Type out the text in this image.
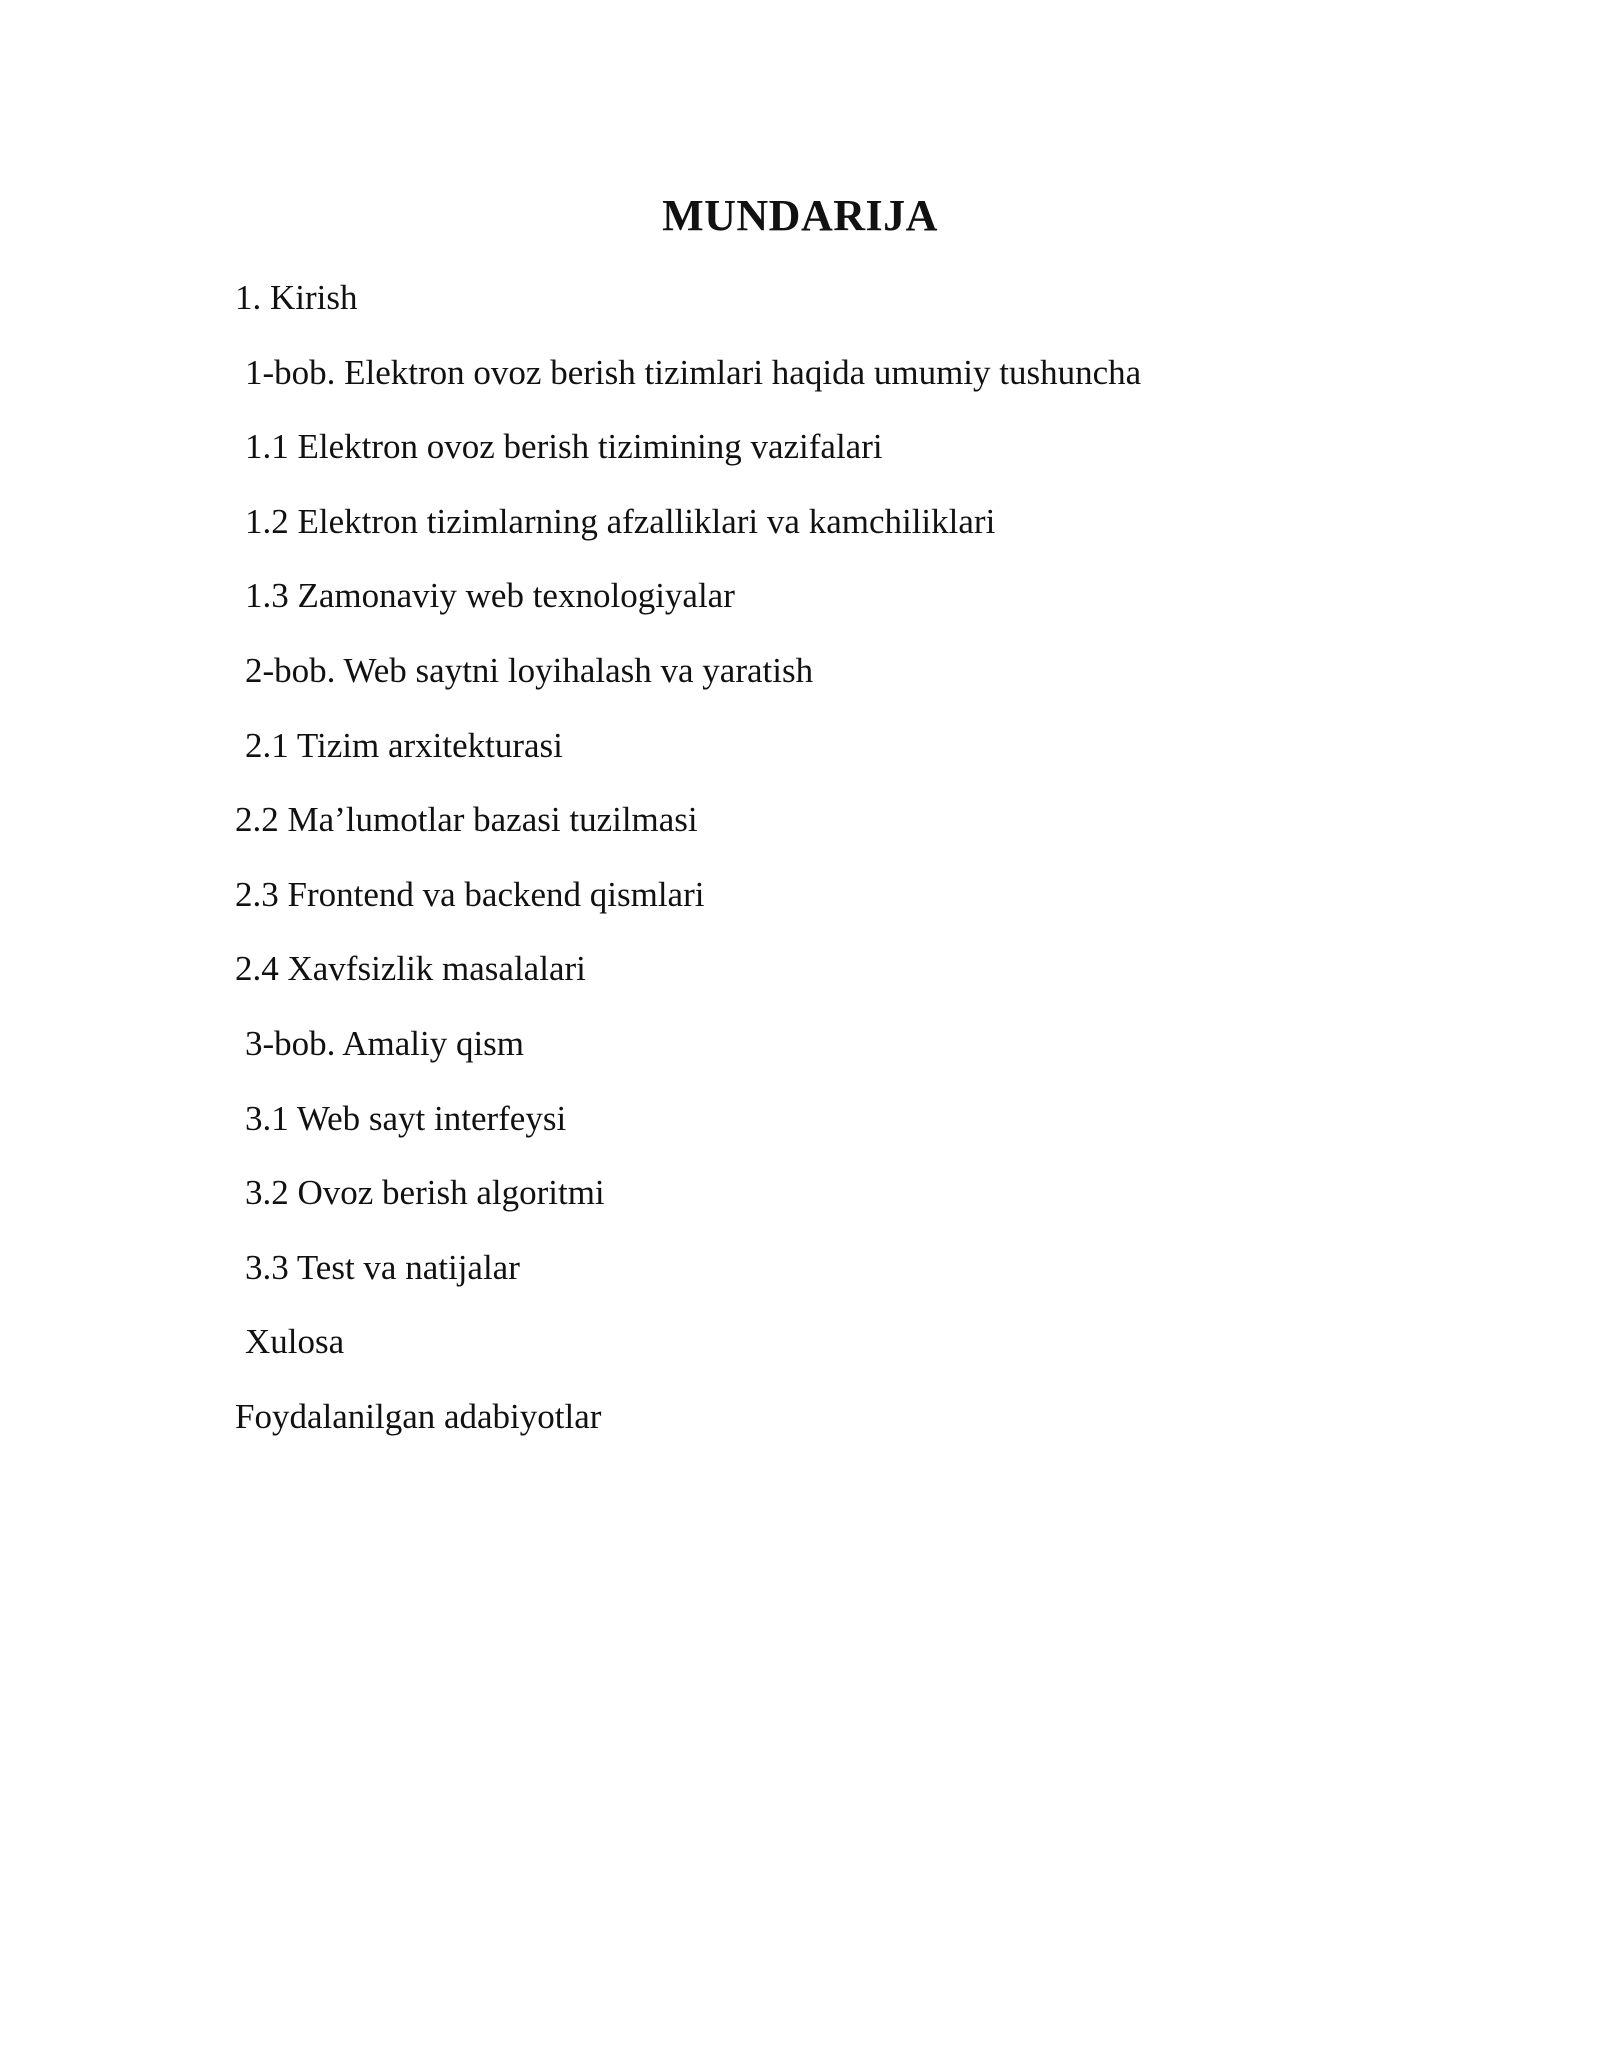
MUNDARIJA
1. Kirish
1-bob. Elektron ovoz berish tizimlari haqida umumiy tushuncha
1.1 Elektron ovoz berish tizimining vazifalari
1.2 Elektron tizimlarning afzalliklari va kamchiliklari
1.3 Zamonaviy web texnologiyalar
2-bob. Web saytni loyihalash va yaratish
2.1 Tizim arxitekturasi
2.2 Ma’lumotlar bazasi tuzilmasi
2.3 Frontend va backend qismlari
2.4 Xavfsizlik masalalari
3-bob. Amaliy qism
3.1 Web sayt interfeysi
3.2 Ovoz berish algoritmi
3.3 Test va natijalar
Xulosa
Foydalanilgan adabiyotlar
